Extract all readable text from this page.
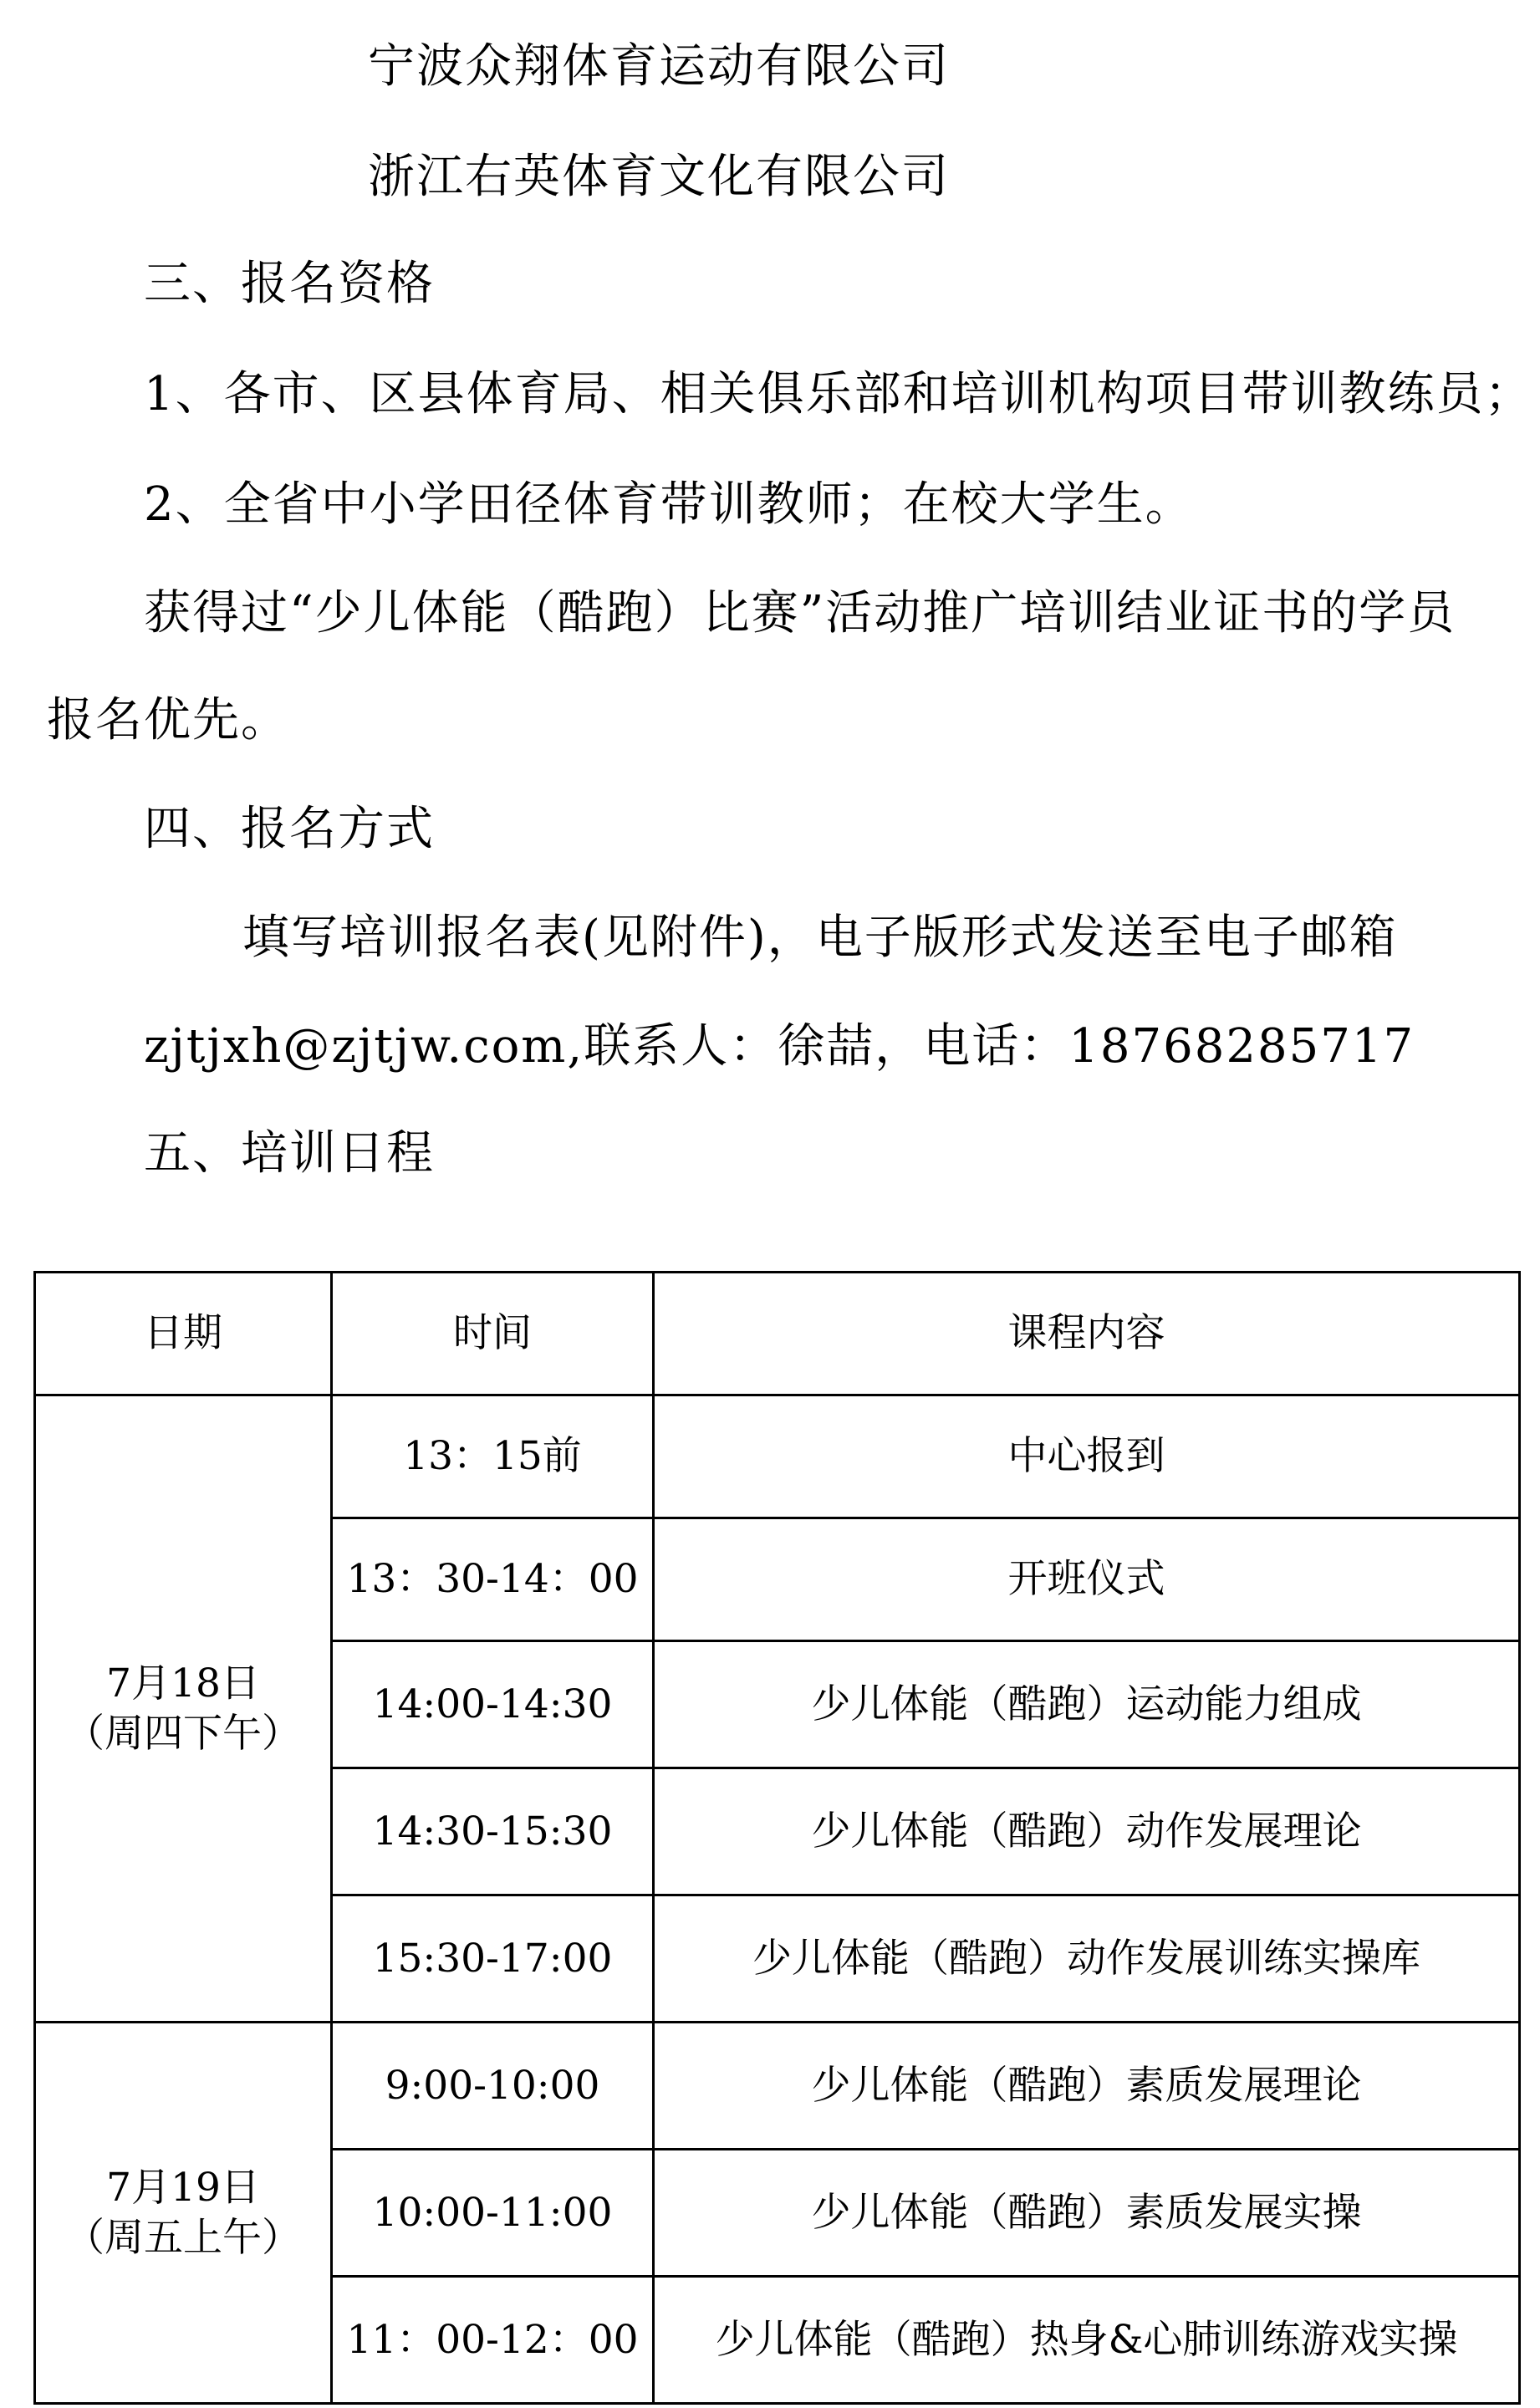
宁波众翔体育运动有限公司
浙江右英体育文化有限公司
三、报名资格
1、各市、区县体育局、相关俱乐部和培训机构项目带训教练员；
2、全省中小学田径体育带训教师；在校大学生。
获得过“少儿体能（酷跑）比赛”活动推广培训结业证书的学员
报名优先。
四、报名方式
填写培训报名表(见附件)，电子版形式发送至电子邮箱
zjtjxh@zjtjw.com,联系人：徐喆，电话：18768285717
五、培训日程
日期	时间	课程内容

7月18日
（周四下午）	13：15前	中心报到
	13：30-14：00	开班仪式
	14:00-14:30	少儿体能（酷跑）运动能力组成
	14:30-15:30	少儿体能（酷跑）动作发展理论
	15:30-17:00	少儿体能（酷跑）动作发展训练实操库

7月19日
（周五上午）	9:00-10:00	少儿体能（酷跑）素质发展理论
	10:00-11:00	少儿体能（酷跑）素质发展实操
	11：00-12：00	少儿体能（酷跑）热身&心肺训练游戏实操
